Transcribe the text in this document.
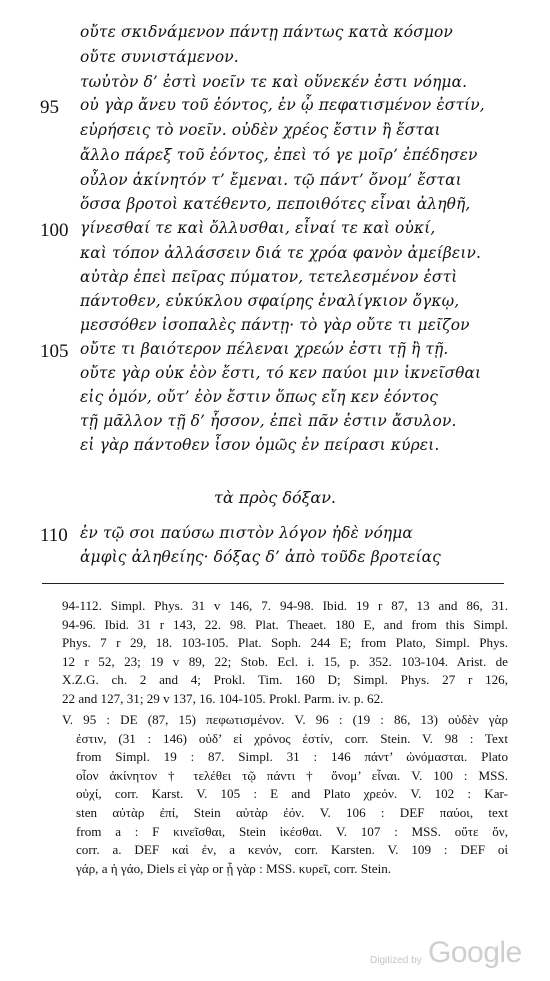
οὔτε σκιδνάμενον πάντῃ πάντως κατὰ κόσμον
οὔτε συνιστάμενον.
τωὐτὸν δ’ ἐστὶ νοεῖν τε καὶ οὕνεκέν ἐστι νόημα.
95	οὐ γὰρ ἄνευ τοῦ ἐόντος, ἐν ᾧ πεφατισμένον ἐστίν,
εὑρήσεις τὸ νοεῖν. οὐδὲν χρέος ἔστιν ἢ ἔσται
ἄλλο πάρεξ τοῦ ἐόντος, ἐπεὶ τό γε μοῖρ’ ἐπέδησεν
οὖλον ἀκίνητόν τ’ ἔμεναι. τῷ πάντ’ ὄνομ’ ἔσται
ὅσσα βροτοὶ κατέθεντο, πεποιθότες εἶναι ἀληθῆ,
100 γίνεσθαί τε καὶ ὄλλυσθαι, εἶναί τε καὶ οὐκί,
καὶ τόπον ἀλλάσσειν διά τε χρόα φανὸν ἀμείβειν.
αὐτὰρ ἐπεὶ πεῖρας πύματον, τετελεσμένον ἐστὶ
πάντοθεν, εὐκύκλου σφαίρης ἐναλίγκιον ὄγκῳ,
μεσσόθεν ἰσοπαλὲς πάντῃ· τὸ γὰρ οὔτε τι μεῖζον
105 οὔτε τι βαιότερον πέλεναι χρεών ἐστι τῇ ἢ τῇ.
οὔτε γὰρ οὐκ ἐὸν ἔστι, τό κεν παύοι μιν ἱκνεῖσθαι
εἰς ὁμόν, οὔτ’ ἐὸν ἔστιν ὅπως εἴη κεν ἐόντος
τῇ μᾶλλον τῇ δ’ ἧσσον, ἐπεὶ πᾶν ἐστιν ἄσυλον.
εἰ γὰρ πάντοθεν ἶσον ὁμῶς ἐν πείρασι κύρει.
τὰ πρὸς δόξαν.
110 ἐν τῷ σοι παύσω πιστὸν λόγον ἠδὲ νόημα
ἀμφὶς ἀληθείης· δόξας δ’ ἀπὸ τοῦδε βροτείας
94-112. Simpl. Phys. 31 v 146, 7. 94-98. Ibid. 19 r 87, 13 and 86, 31.
94-96. Ibid. 31 r 143, 22. 98. Plat. Theaet. 180 E, and from this Simpl.
Phys. 7 r 29, 18. 103-105. Plat. Soph. 244 E; from Plato, Simpl. Phys.
12 r 52, 23; 19 v 89, 22; Stob. Ecl. i. 15, p. 352. 103-104. Arist. de
X.Z.G. ch. 2 and 4; Prokl. Tim. 160 D; Simpl. Phys. 27 r 126,
22 and 127, 31; 29 v 137, 16. 104-105. Prokl. Parm. iv. p. 62.
V. 95 : DE (87, 15) πεφωτισμένον. V. 96 : (19 : 86, 13) οὐδὲν γὰρ
ἐστιν, (31 : 146) οὐδ’ εἰ χρόνος ἐστίν, corr. Stein. V. 98 : Text
from Simpl. 19 : 87. Simpl. 31 : 146 πάντ’ ὠνόμασται. Plato
οἷον ἀκίνητον † τελέθει τῷ πάντι † ὄνομ’ εἶναι. V. 100 : MSS.
οὐχί, corr. Karst. V. 105 : E and Plato χρεόν. V. 102 : Kar-
sten αὐτὰρ ἐπί, Stein αὐτὰρ ἐόν. V. 106 : DEF παύοι, text
from a : F κινεῖσθαι, Stein ἱκέσθαι. V. 107 : MSS. οὔτε ὄν,
corr. a. DEF καὶ ἐν, a κενόν, corr. Karsten. V. 109 : DEF οἱ
γάρ, a ἡ γάο, Diels εἰ γὰρ or ᾗ γὰρ : MSS. κυρεῖ, corr. Stein.
Digitized by Google
